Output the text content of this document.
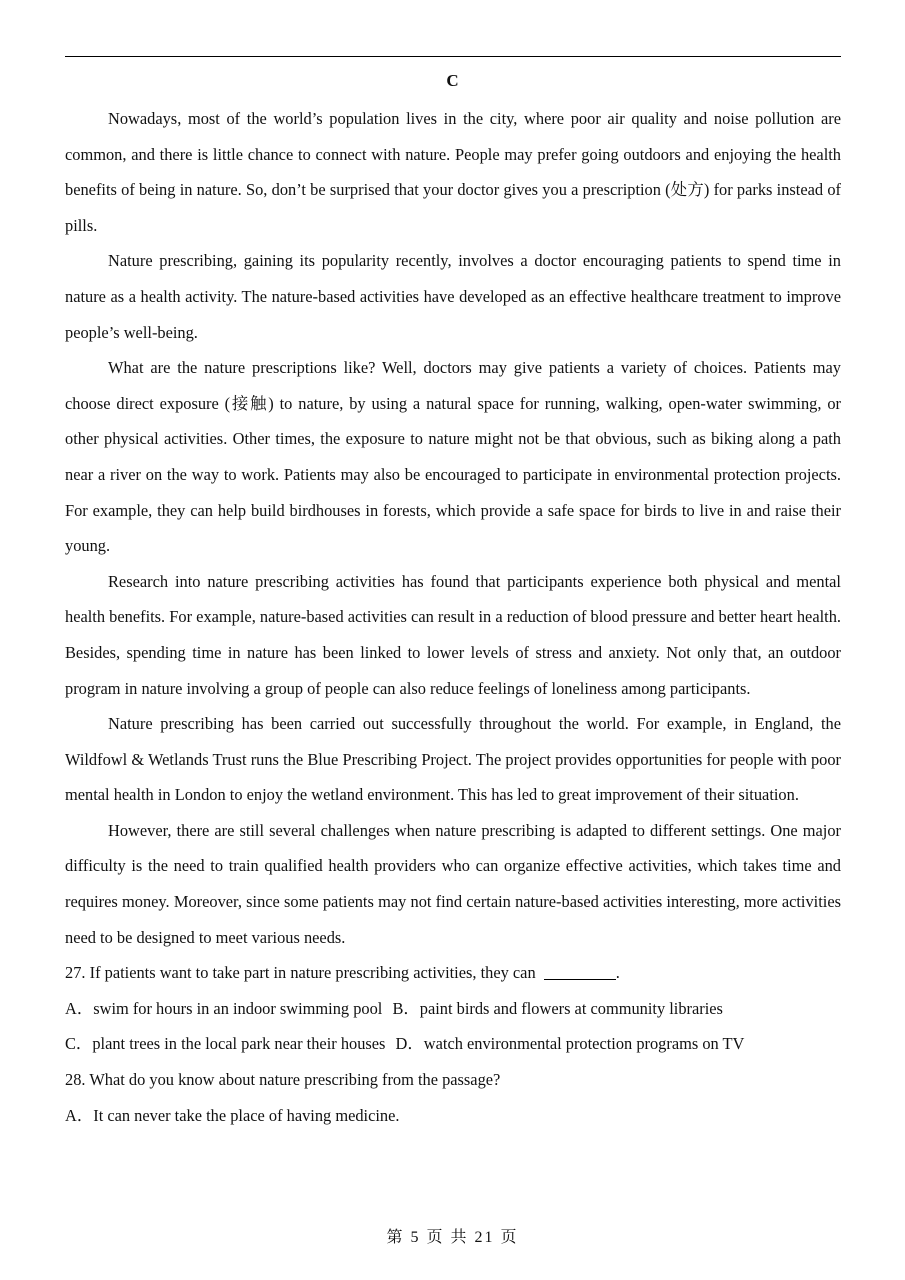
C

Nowadays, most of the world’s population lives in the city, where poor air quality and noise pollution are common, and there is little chance to connect with nature. People may prefer going outdoors and enjoying the health benefits of being in nature. So, don’t be surprised that your doctor gives you a prescription (处方) for parks instead of pills.

Nature prescribing, gaining its popularity recently, involves a doctor encouraging patients to spend time in nature as a health activity. The nature-based activities have developed as an effective healthcare treatment to improve people’s well-being.

What are the nature prescriptions like? Well, doctors may give patients a variety of choices. Patients may choose direct exposure (接触) to nature, by using a natural space for running, walking, open-water swimming, or other physical activities. Other times, the exposure to nature might not be that obvious, such as biking along a path near a river on the way to work. Patients may also be encouraged to participate in environmental protection projects. For example, they can help build birdhouses in forests, which provide a safe space for birds to live in and raise their young.

Research into nature prescribing activities has found that participants experience both physical and mental health benefits. For example, nature-based activities can result in a reduction of blood pressure and better heart health. Besides, spending time in nature has been linked to lower levels of stress and anxiety. Not only that, an outdoor program in nature involving a group of people can also reduce feelings of loneliness among participants.

Nature prescribing has been carried out successfully throughout the world. For example, in England, the Wildfowl & Wetlands Trust runs the Blue Prescribing Project. The project provides opportunities for people with poor mental health in London to enjoy the wetland environment. This has led to great improvement of their situation.

However, there are still several challenges when nature prescribing is adapted to different settings. One major difficulty is the need to train qualified health providers who can organize effective activities, which takes time and requires money. Moreover, since some patients may not find certain nature-based activities interesting, more activities need to be designed to meet various needs.

27. If patients want to take part in nature prescribing activities, they can	.

A．swim for hours in an indoor swimming pool B．paint birds and flowers at community libraries

C．plant trees in the local park near their houses D．watch environmental protection programs on TV

28. What do you know about nature prescribing from the passage?

A．It can never take the place of having medicine.

第 5 页 共 21 页
